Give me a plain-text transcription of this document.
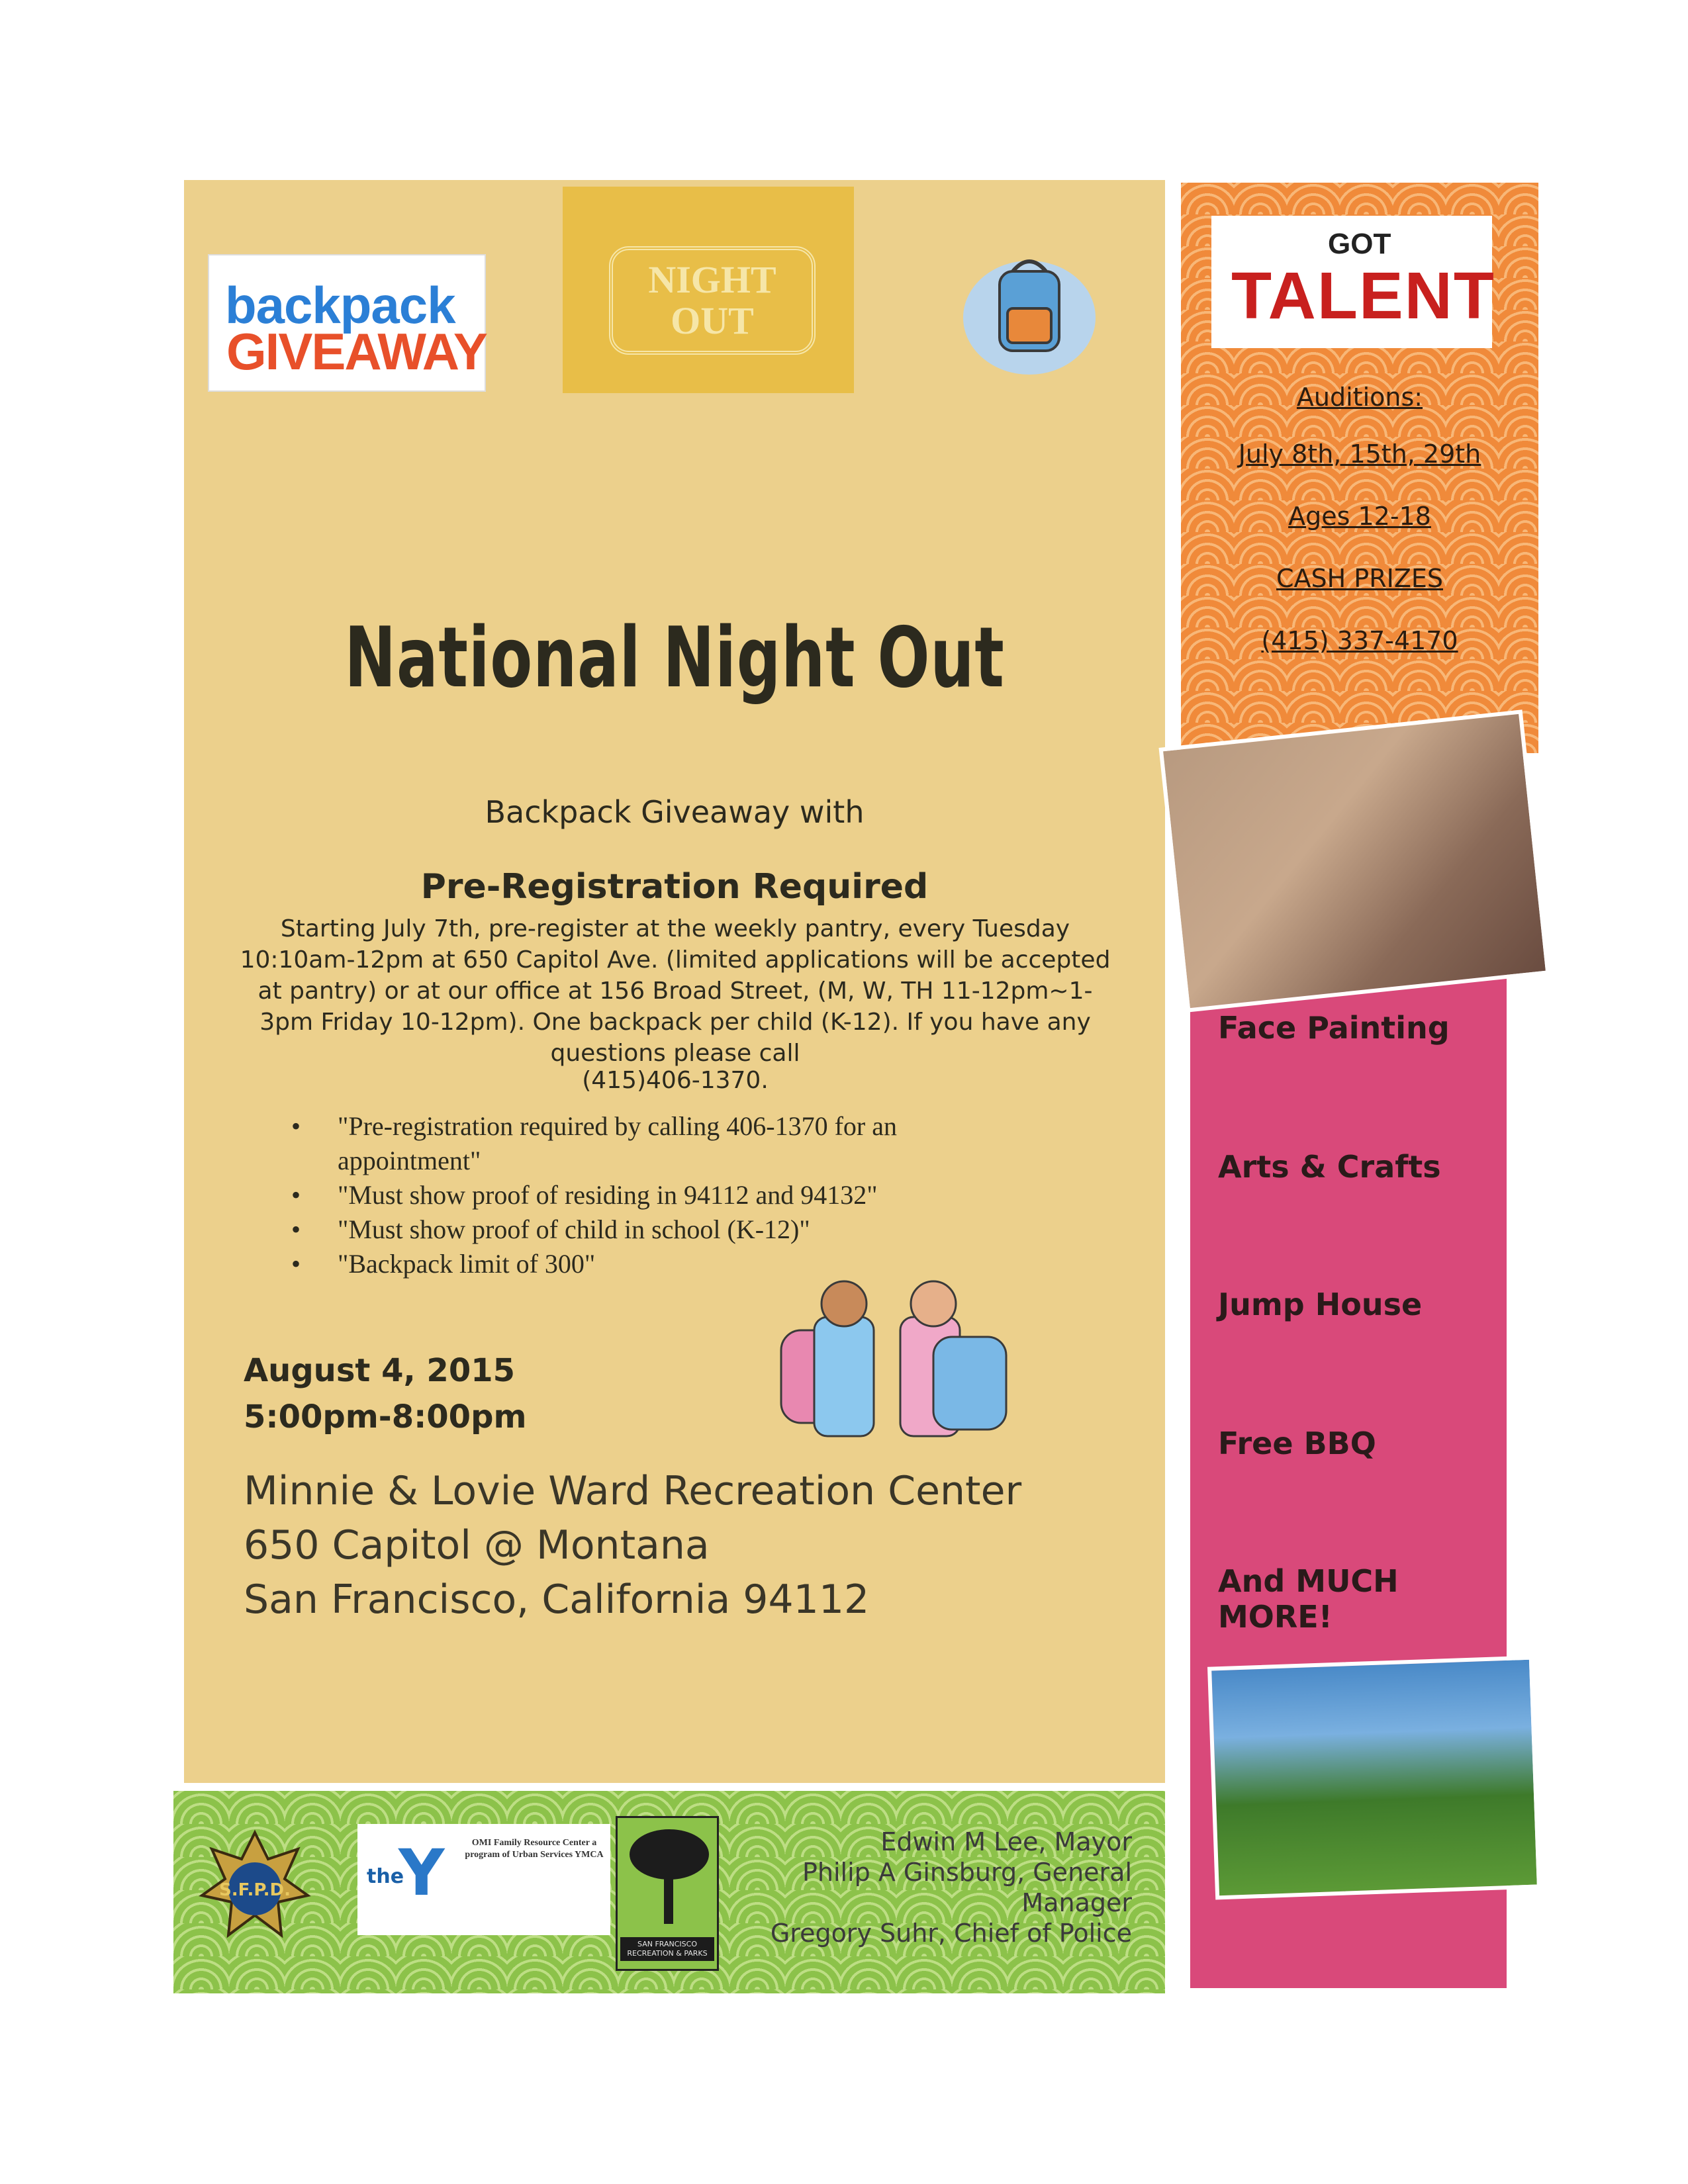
backpack
GIVEAWAY
NIGHT
OUT
National Night Out
Backpack Giveaway with
Pre-Registration Required
Starting July 7th, pre-register at the weekly pantry, every Tuesday 10:10am-12pm at 650 Capitol Ave. (limited applications will be accepted at pantry) or at our office at 156 Broad Street, (M, W, TH 11-12pm~1-3pm Friday 10-12pm). One backpack per child (K-12). If you have any questions please call
(415)406-1370.
• "Pre-registration required by calling 406-1370 for an appointment"
• "Must show proof of residing in 94112 and 94132"
• "Must show proof of child in school (K-12)"
• "Backpack limit of 300"
August 4, 2015
5:00pm-8:00pm
Minnie & Lovie Ward Recreation Center
650 Capitol @ Montana
San Francisco, California 94112
GOT
TALENT
Auditions:
July 8th, 15th, 29th
Ages 12-18
CASH PRIZES
(415) 337-4170
Face Painting
Arts & Crafts
Jump House
Free BBQ
And MUCH MORE!
S.F.P.D.
the
Y	OMI Family Resource Center a program of Urban Services YMCA
SAN FRANCISCO RECREATION & PARKS
Edwin M Lee, Mayor
Philip A Ginsburg, General Manager
Gregory Suhr, Chief of Police
